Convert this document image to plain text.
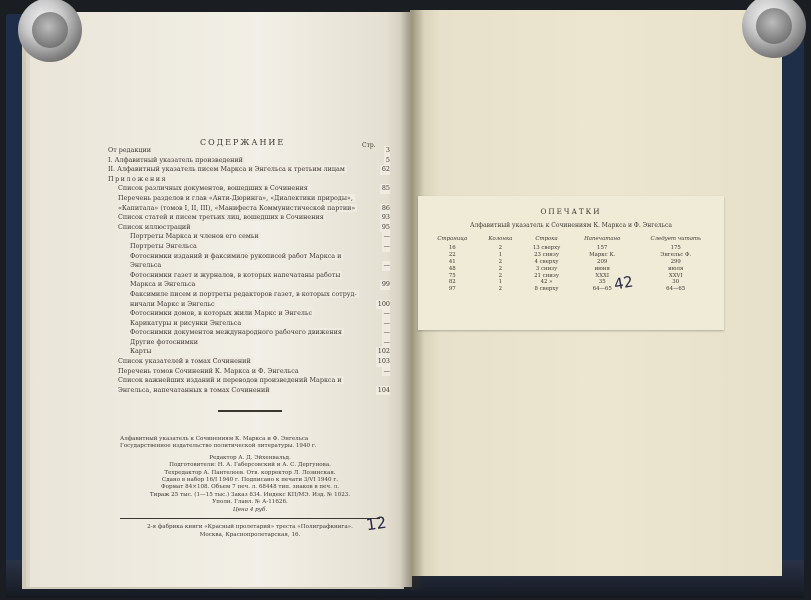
СОДЕРЖАНИЕ	Стр.
От редакции	3
I. Алфавитный указатель произведений	5
II. Алфавитный указатель писем Маркса и Энгельса к третьим лицам	62
Приложения
Список различных документов, вошедших в Сочинения	85
Перечень разделов и глав «Анти-Дюринга», «Диалектики природы»,
«Капитала» (томов I, II, III), «Манифеста Коммунистической партии»	86
Список статей и писем третьих лиц, вошедших в Сочинения	93
Список иллюстраций	95
Портреты Маркса и членов его семьи	—
Портреты Энгельса	—
Фотоснимки изданий и факсимиле рукописей работ Маркса и
Энгельса	—
Фотоснимки газет и журналов, в которых напечатаны работы
Маркса и Энгельса	99
Факсимиле писем и портреты редакторов газет, в которых сотруд-
ничали Маркс и Энгельс	100
Фотоснимки домов, в которых жили Маркс и Энгельс	—
Карикатуры и рисунки Энгельса	—
Фотоснимки документов международного рабочего движения	—
Другие фотоснимки	—
Карты	102
Список указателей в томах Сочинений	103
Перечень томов Сочинений К. Маркса и Ф. Энгельса	—
Список важнейших изданий и переводов произведений Маркса и
Энгельса, напечатанных в томах Сочинений	104
Алфавитный указатель к Сочинениям К. Маркса и Ф. Энгельса
Государственное издательство политической литературы. 1940 г.
Редактор А. Д. Эйхенвальд.
Подготовители: Н. А. Габерсовский и А. С. Дергунова.
Техредактор А. Пантелеев. Отв. корректор Л. Лозинская.
Сдано в набор 16/I 1940 г. Подписано к печати 3/VI 1940 г.
Формат 84×108. Объем 7 печ. л. 68448 тип. знаков в печ. л.
Тираж 25 тыс. (1—15 тыс.) Заказ 834. Индекс КП/МЭ. Изд. № 1023.
Уполн. Главл. № А-11626.
Цена 4 руб.
2-я фабрика книги «Красный пролетарий» треста «Полиграфкнига».
Москва, Краснопролетарская, 16.
12
ОПЕЧАТКИ
Алфавитный указатель к Сочинениям К. Маркса и Ф. Энгельса
Страница	Колонка	Строка	Напечатано	Следует читать
16	2	13 сверху	157	175
22	1	23 снизу	Маркс К.	Энгельс Ф.
41	2	4 сверху	209	299
48	2	3 снизу	июня	июля
75	2	21 снизу	XXXI	XXVI
82	1	42 »	35	30
97	2	8 сверху	64—65	64—65
42
